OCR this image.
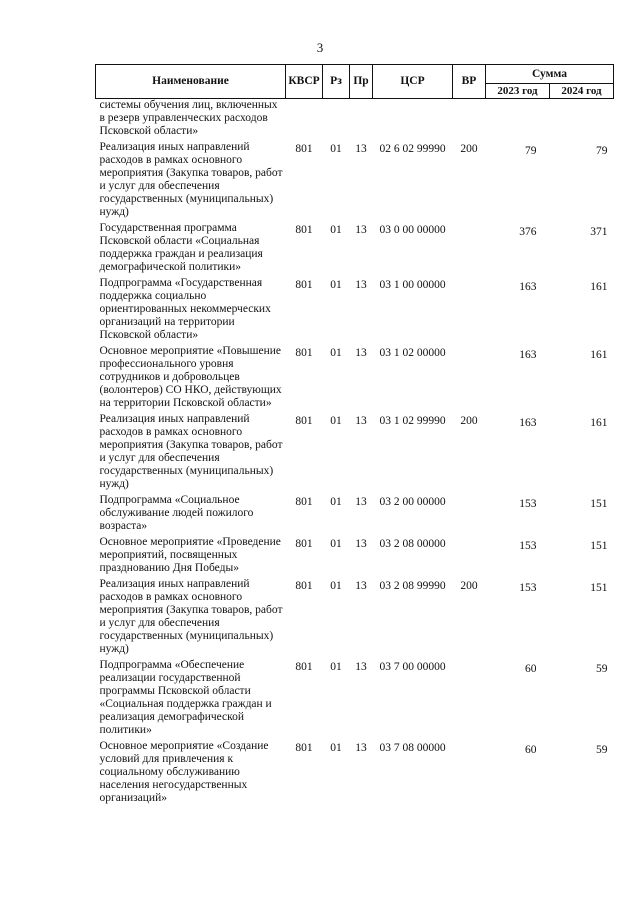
3
Наименование	КВСР	Рз	Пр	ЦСР	ВР	Сумма	
						2023 год	2024 год
системы обучения лиц, включенных в резерв управленческих расходов Псковской области»							
Реализация иных направлений расходов в рамках основного мероприятия (Закупка товаров, работ и услуг для обеспечения государственных (муниципальных) нужд)	801	01	13	02 6 02 99990	200	79	79
Государственная программа Псковской области «Социальная поддержка граждан и реализация демографической политики»	801	01	13	03 0 00 00000		376	371
Подпрограмма «Государственная поддержка социально ориентированных некоммерческих организаций на территории Псковской области»	801	01	13	03 1 00 00000		163	161
Основное мероприятие «Повышение профессионального уровня сотрудников и добровольцев (волонтеров) СО НКО, действующих на территории Псковской области»	801	01	13	03 1 02 00000		163	161
Реализация иных направлений расходов в рамках основного мероприятия (Закупка товаров, работ и услуг для обеспечения государственных (муниципальных) нужд)	801	01	13	03 1 02 99990	200	163	161
Подпрограмма «Социальное обслуживание людей пожилого возраста»	801	01	13	03 2 00 00000		153	151
Основное мероприятие «Проведение мероприятий, посвященных празднованию Дня Победы»	801	01	13	03 2 08 00000		153	151
Реализация иных направлений расходов в рамках основного мероприятия (Закупка товаров, работ и услуг для обеспечения государственных (муниципальных) нужд)	801	01	13	03 2 08 99990	200	153	151
Подпрограмма «Обеспечение реализации государственной программы Псковской области «Социальная поддержка граждан и реализация демографической политики»	801	01	13	03 7 00 00000		60	59
Основное мероприятие «Создание условий для привлечения к социальному обслуживанию населения негосударственных организаций»	801	01	13	03 7 08 00000		60	59
